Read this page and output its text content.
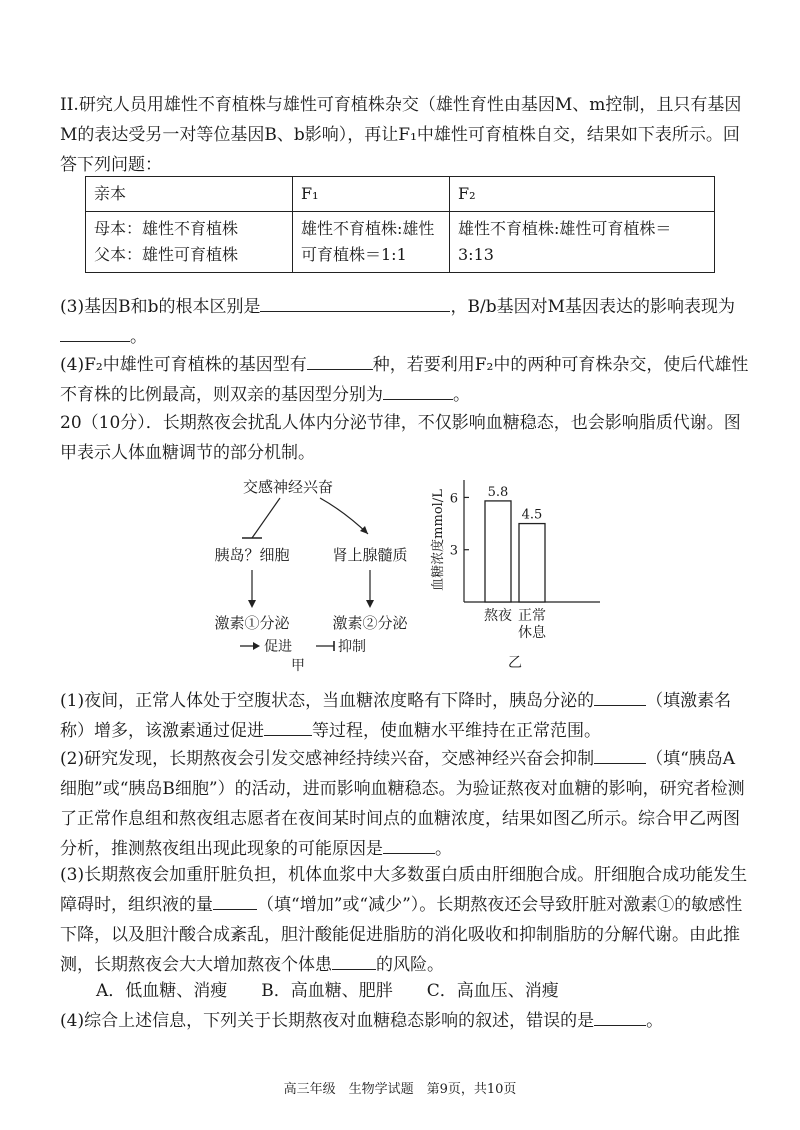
II.研究人员用雄性不育植株与雄性可育植株杂交（雄性育性由基因M、m控制，且只有基因M的表达受另一对等位基因B、b影响），再让F₁中雄性可育植株自交，结果如下表所示。回答下列问题：

亲本	F₁	F₂

母本：雄性不育植株
父本：雄性可育植株	雄性不育植株:雄性可育植株＝1:1	雄性不育植株:雄性可育植株＝3:13

(3)基因B和b的根本区别是	，B/b基因对M基因表达的影响表现为。

(4)F₂中雄性可育植株的基因型有	种，若要利用F₂中的两种可育株杂交，使后代雄性不育株的比例最高，则双亲的基因型分别为	。

20（10分）．长期熬夜会扰乱人体内分泌节律，不仅影响血糖稳态，也会影响脂质代谢。图甲表示人体血糖调节的部分机制。

交感神经兴奋
胰岛？细胞	肾上腺髓质
激素①分泌	激素②分泌
促进	抑制
甲
血糖浓度mmol/L
乙
3
6 5.8
熬夜
4.5
正常
休息

(1)夜间，正常人体处于空腹状态，当血糖浓度略有下降时，胰岛分泌的	（填激素名称）增多，该激素通过促进	等过程，使血糖水平维持在正常范围。

(2)研究发现，长期熬夜会引发交感神经持续兴奋，交感神经兴奋会抑制	（填“胰岛A细胞”或“胰岛B细胞”）的活动，进而影响血糖稳态。为验证熬夜对血糖的影响，研究者检测了正常作息组和熬夜组志愿者在夜间某时间点的血糖浓度，结果如图乙所示。综合甲乙两图分析，推测熬夜组出现此现象的可能原因是	。

(3)长期熬夜会加重肝脏负担，机体血浆中大多数蛋白质由肝细胞合成。肝细胞合成功能发生障碍时，组织液的量	（填“增加”或“减少”）。长期熬夜还会导致肝脏对激素①的敏感性下降，以及胆汁酸合成紊乱，胆汁酸能促进脂肪的消化吸收和抑制脂肪的分解代谢。由此推测，长期熬夜会大大增加熬夜个体患	的风险。

A．低血糖、消瘦 B．高血糖、肥胖 C．高血压、消瘦

(4)综合上述信息，下列关于长期熬夜对血糖稳态影响的叙述，错误的是	。

高三年级　生物学试题　第9页，共10页
